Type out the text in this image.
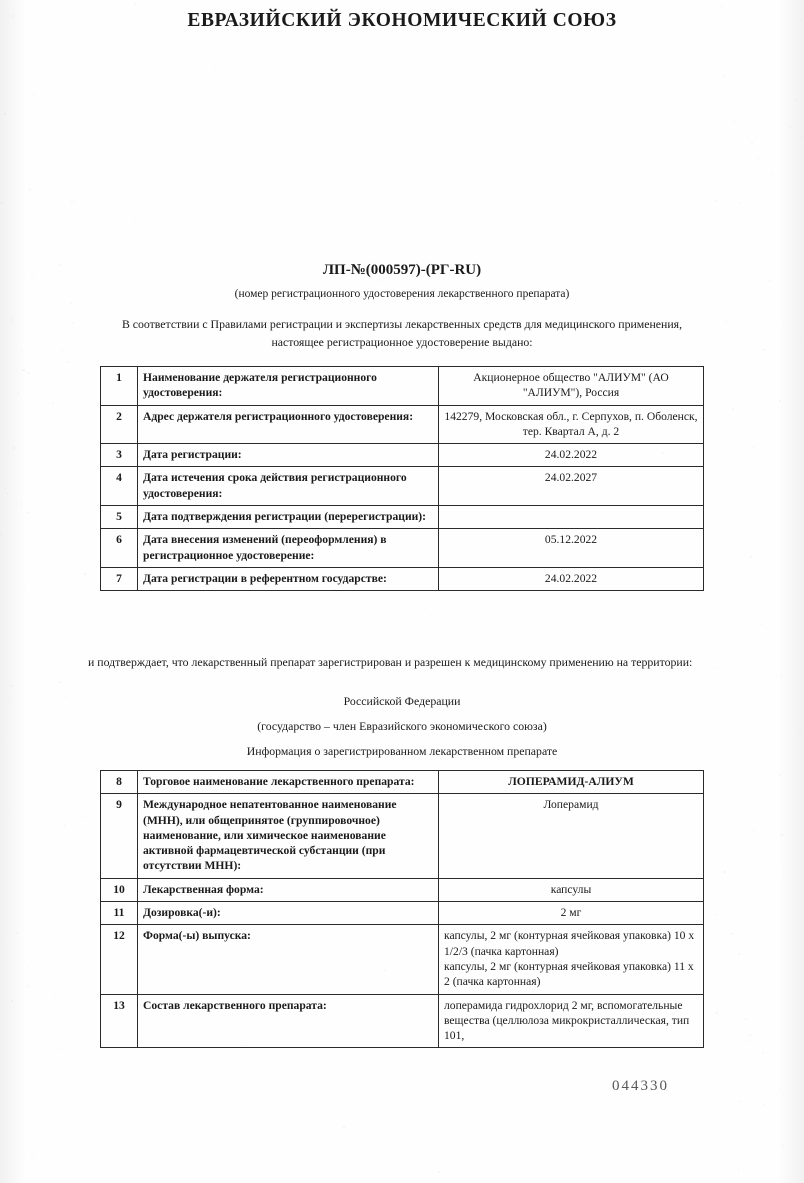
ЕВРАЗИЙСКИЙ ЭКОНОМИЧЕСКИЙ СОЮЗ
ЛП-№(000597)-(РГ-RU)
(номер регистрационного удостоверения лекарственного препарата)
В соответствии с Правилами регистрации и экспертизы лекарственных средств для медицинского применения, настоящее регистрационное удостоверение выдано:
1	Наименование держателя регистрационного удостоверения:	Акционерное общество "АЛИУМ" (АО "АЛИУМ"), Россия
2	Адрес держателя регистрационного удостоверения:	142279, Московская обл., г. Серпухов, п. Оболенск, тер. Квартал А, д. 2
3	Дата регистрации:	24.02.2022
4	Дата истечения срока действия регистрационного удостоверения:	24.02.2027
5	Дата подтверждения регистрации (перерегистрации):	
6	Дата внесения изменений (переоформления) в регистрационное удостоверение:	05.12.2022
7	Дата регистрации в референтном государстве:	24.02.2022
и подтверждает, что лекарственный препарат зарегистрирован и разрешен к медицинскому применению на территории:
Российской Федерации
(государство – член Евразийского экономического союза)
Информация о зарегистрированном лекарственном препарате
8	Торговое наименование лекарственного препарата:	ЛОПЕРАМИД-АЛИУМ
9	Международное непатентованное наименование (МНН), или общепринятое (группировочное) наименование, или химическое наименование активной фармацевтической субстанции (при отсутствии МНН):	Лоперамид
10	Лекарственная форма:	капсулы
11	Дозировка(-и):	2 мг
12	Форма(-ы) выпуска:	капсулы, 2 мг (контурная ячейковая упаковка) 10 х 1/2/3 (пачка картонная)
капсулы, 2 мг (контурная ячейковая упаковка) 11 х 2 (пачка картонная)
13	Состав лекарственного препарата:	лоперамида гидрохлорид 2 мг, вспомогательные вещества (целлюлоза микрокристаллическая, тип 101,
044330
